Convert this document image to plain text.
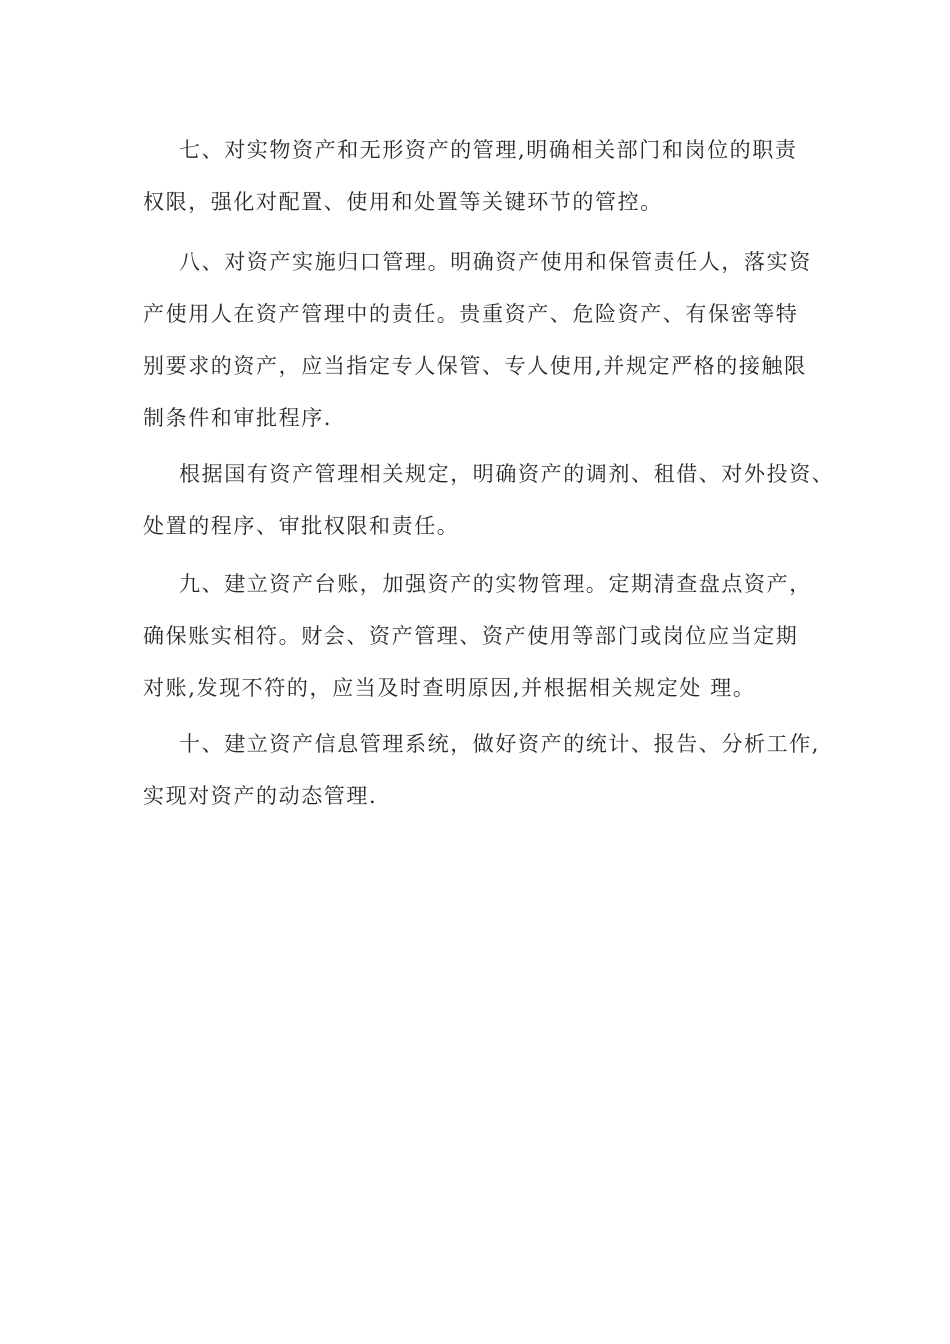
七、对实物资产和无形资产的管理,明确相关部门和岗位的职责
权限，强化对配置、使用和处置等关键环节的管控。
八、对资产实施归口管理。明确资产使用和保管责任人，落实资
产使用人在资产管理中的责任。贵重资产、危险资产、有保密等特
别要求的资产，应当指定专人保管、专人使用,并规定严格的接触限
制条件和审批程序.
根据国有资产管理相关规定，明确资产的调剂、租借、对外投资、
处置的程序、审批权限和责任。
九、建立资产台账，加强资产的实物管理。定期清查盘点资产，
确保账实相符。财会、资产管理、资产使用等部门或岗位应当定期
对账,发现不符的，应当及时查明原因,并根据相关规定处 理。
十、建立资产信息管理系统，做好资产的统计、报告、分析工作,
实现对资产的动态管理.
